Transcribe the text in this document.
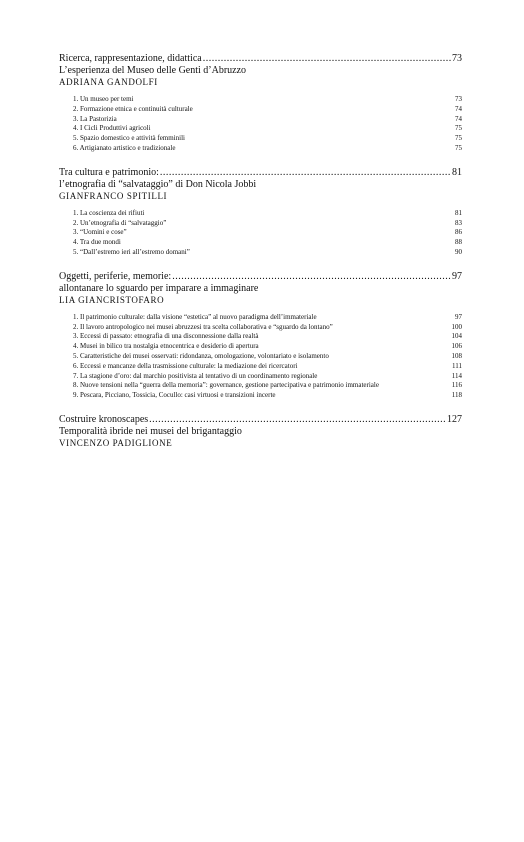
Ricerca, rappresentazione, didattica .....	73
L’esperienza del Museo delle Genti d’Abruzzo
ADRIANA GANDOLFI
1. Un museo per temi	73
2. Formazione etnica e continuità culturale	74
3. La Pastorizia	74
4. I Cicli Produttivi agricoli	75
5. Spazio domestico e attività femminili	75
6. Artigianato artistico e tradizionale	75
Tra cultura e patrimonio: .....	81
l’etnografia di “salvataggio” di Don Nicola Jobbi
GIANFRANCO SPITILLI
1. La coscienza dei rifiuti	81
2. Un’etnografia di “salvataggio”	83
3. “Uomini e cose”	86
4. Tra due mondi	88
5. “Dall’estremo ieri all’estremo domani”	90
Oggetti, periferie, memorie: .....	97
allontanare lo sguardo per imparare a immaginare
LIA GIANCRISTOFARO
1. Il patrimonio culturale: dalla visione “estetica” al nuovo paradigma dell’immateriale	97
2. Il lavoro antropologico nei musei abruzzesi tra scelta collaborativa e “sguardo da lontano”	100
3. Eccessi di passato: etnografia di una disconnessione dalla realtà	104
4. Musei in bilico tra nostalgia etnocentrica e desiderio di apertura	106
5. Caratteristiche dei musei osservati: ridondanza, omologazione, volontariato e isolamento	108
6. Eccessi e mancanze della trasmissione culturale: la mediazione dei ricercatori	111
7. La stagione d’oro: dal marchio positivista al tentativo di un coordinamento regionale	114
8. Nuove tensioni nella “guerra della memoria”: governance, gestione partecipativa e patrimonio immateriale	116
9. Pescara, Picciano, Tossicia, Cocullo: casi virtuosi e transizioni incerte	118
Costruire kronoscapes .....	127
Temporalità ibride nei musei del brigantaggio
VINCENZO PADIGLIONE
